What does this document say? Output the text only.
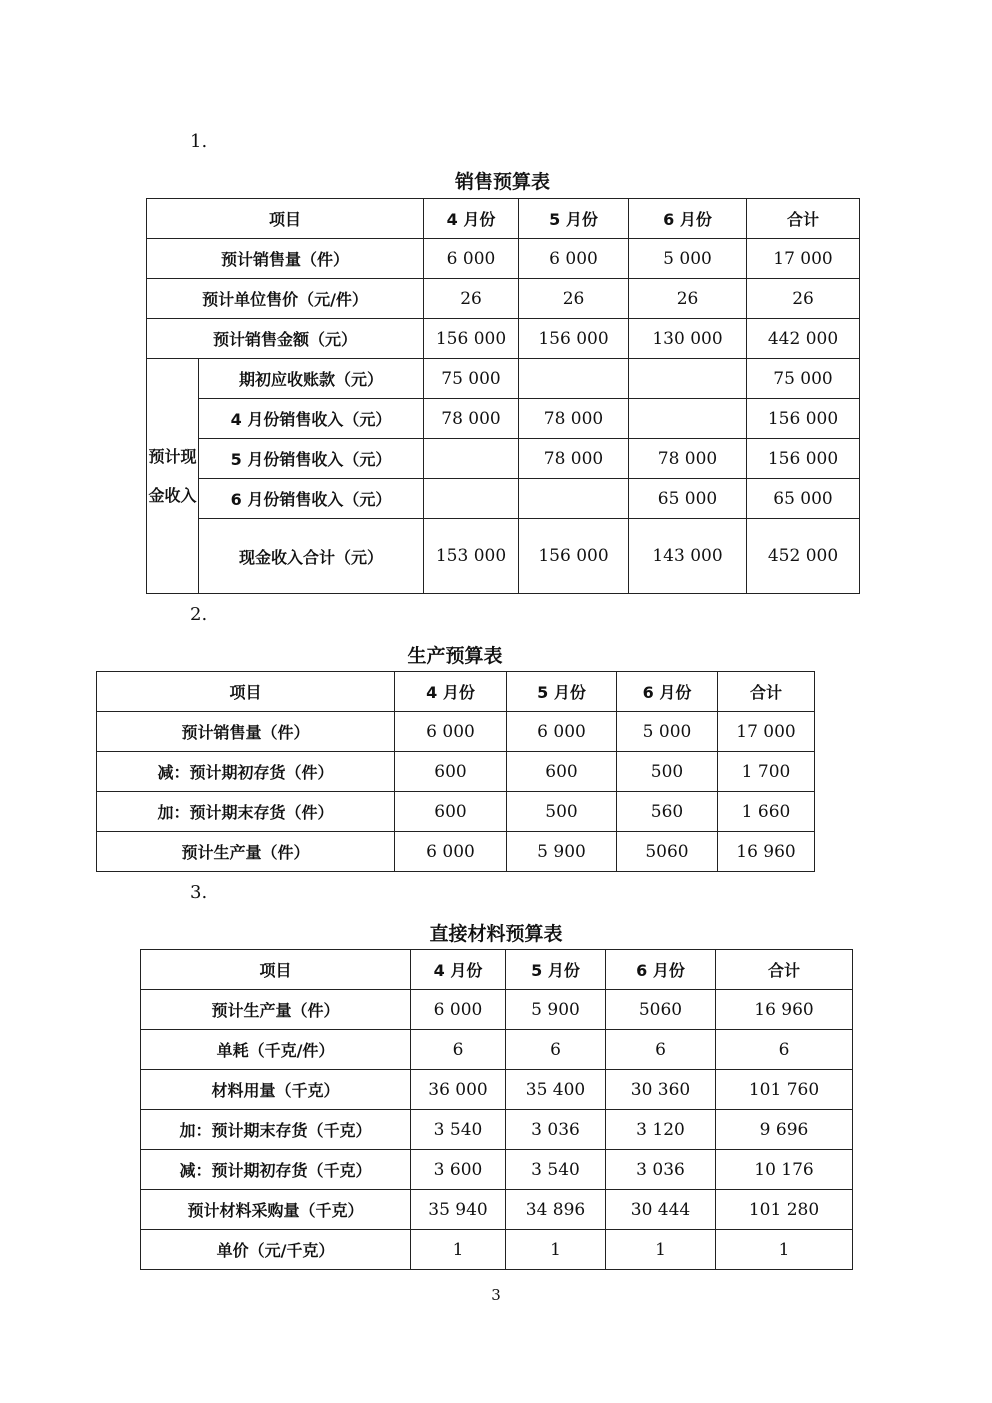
1.
销售预算表
项目		4 月份	5 月份	6 月份	合计
预计销售量（件）		6 000	6 000	5 000	17 000
预计单位售价（元/件）		26	26	26	26
预计销售金额（元）		156 000	156 000	130 000	442 000
预计现金收入	期初应收账款（元）	75 000			75 000
	4 月份销售收入（元）	78 000	78 000		156 000
	5 月份销售收入（元）		78 000	78 000	156 000
	6 月份销售收入（元）			65 000	65 000
	现金收入合计（元）	153 000	156 000	143 000	452 000
2.
生产预算表
项目	4 月份	5 月份	6 月份	合计
预计销售量（件）	6 000	6 000	5 000	17 000
减：预计期初存货（件）	600	600	500	1 700
加：预计期末存货（件）	600	500	560	1 660
预计生产量（件）	6 000	5 900	5060	16 960
3.
直接材料预算表
项目	4 月份	5 月份	6 月份	合计
预计生产量（件）	6 000	5 900	5060	16 960
单耗（千克/件）	6	6	6	6
材料用量（千克）	36 000	35 400	30 360	101 760
加：预计期末存货（千克）	3 540	3 036	3 120	9 696
减：预计期初存货（千克）	3 600	3 540	3 036	10 176
预计材料采购量（千克）	35 940	34 896	30 444	101 280
单价（元/千克）	1	1	1	1
3
